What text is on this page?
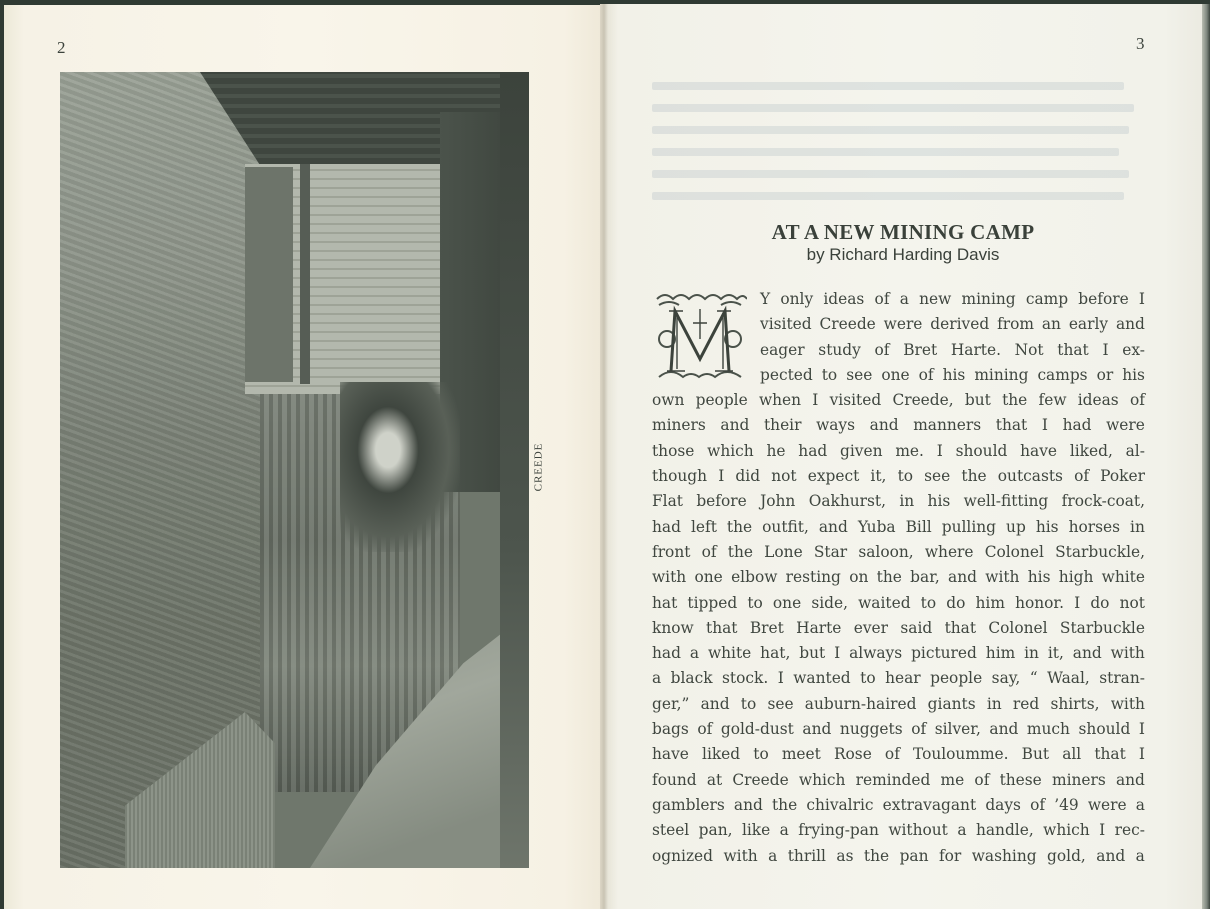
2	3
CREEDE
AT A NEW MINING CAMP
by Richard Harding Davis
Y only ideas of a new mining camp before I
visited Creede were derived from an early and
eager study of Bret Harte. Not that I ex-
pected to see one of his mining camps or his
own people when I visited Creede, but the few ideas of
miners and their ways and manners that I had were
those which he had given me. I should have liked, al-
though I did not expect it, to see the outcasts of Poker
Flat before John Oakhurst, in his well-fitting frock-coat,
had left the outfit, and Yuba Bill pulling up his horses in
front of the Lone Star saloon, where Colonel Starbuckle,
with one elbow resting on the bar, and with his high white
hat tipped to one side, waited to do him honor. I do not
know that Bret Harte ever said that Colonel Starbuckle
had a white hat, but I always pictured him in it, and with
a black stock. I wanted to hear people say, “ Waal, stran-
ger,” and to see auburn-haired giants in red shirts, with
bags of gold-dust and nuggets of silver, and much should I
have liked to meet Rose of Touloumme. But all that I
found at Creede which reminded me of these miners and
gamblers and the chivalric extravagant days of ’49 were a
steel pan, like a frying-pan without a handle, which I rec-
ognized with a thrill as the pan for washing gold, and a
